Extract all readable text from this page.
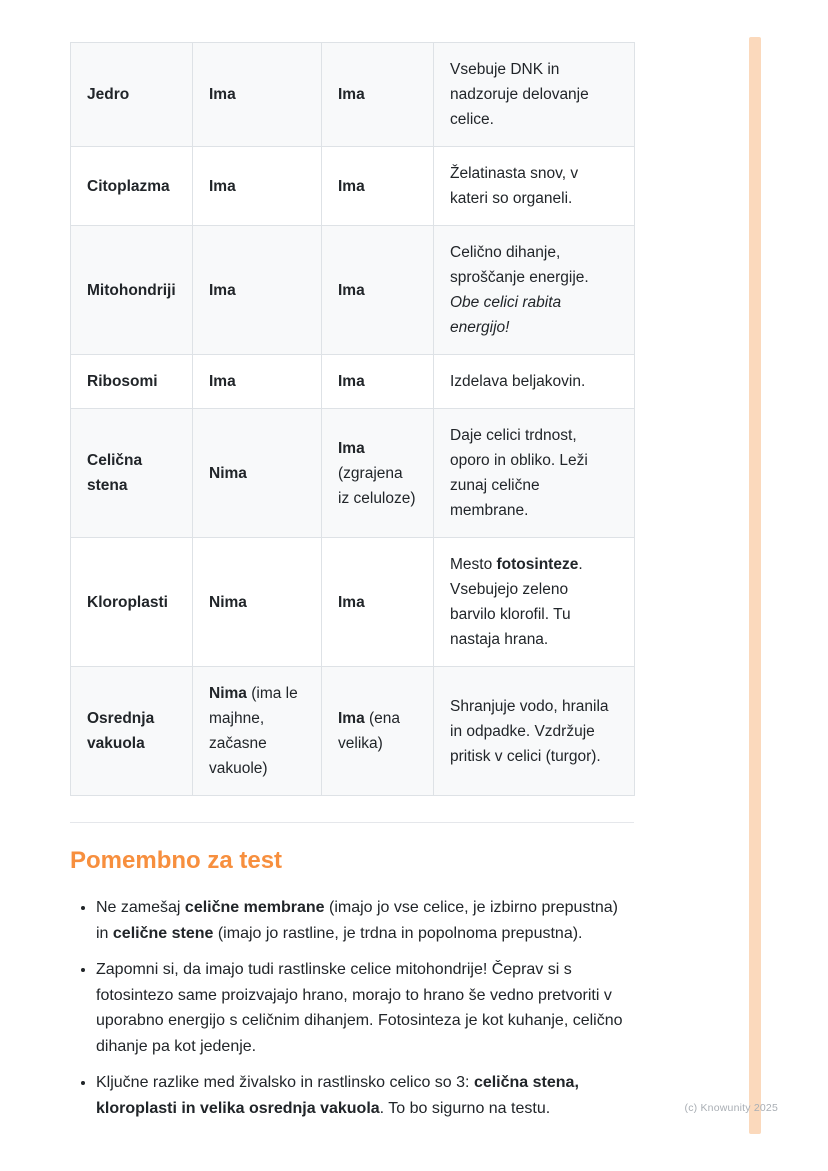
Jedro	Ima	Ima	Vsebuje DNK in nadzoruje delovanje celice.
Citoplazma	Ima	Ima	Želatinasta snov, v kateri so organeli.
Mitohondriji	Ima	Ima	Celično dihanje, sproščanje energije. Obe celici rabita energijo!
Ribosomi	Ima	Ima	Izdelava beljakovin.
Celična stena	Nima	Ima (zgrajena iz celuloze)	Daje celici trdnost, oporo in obliko. Leži zunaj celične membrane.
Kloroplasti	Nima	Ima	Mesto fotosinteze. Vsebujejo zeleno barvilo klorofil. Tu nastaja hrana.
Osrednja vakuola	Nima (ima le majhne, začasne vakuole)	Ima (ena velika)	Shranjuje vodo, hranila in odpadke. Vzdržuje pritisk v celici (turgor).
Pomembno za test
• Ne zamešaj celične membrane (imajo jo vse celice, je izbirno prepustna) in celične stene (imajo jo rastline, je trdna in popolnoma prepustna).
• Zapomni si, da imajo tudi rastlinske celice mitohondrije! Čeprav si s fotosintezo same proizvajajo hrano, morajo to hrano še vedno pretvoriti v uporabno energijo s celičnim dihanjem. Fotosinteza je kot kuhanje, celično dihanje pa kot jedenje.
• Ključne razlike med živalsko in rastlinsko celico so 3: celična stena, kloroplasti in velika osrednja vakuola. To bo sigurno na testu.	(c) Knowunity 2025
